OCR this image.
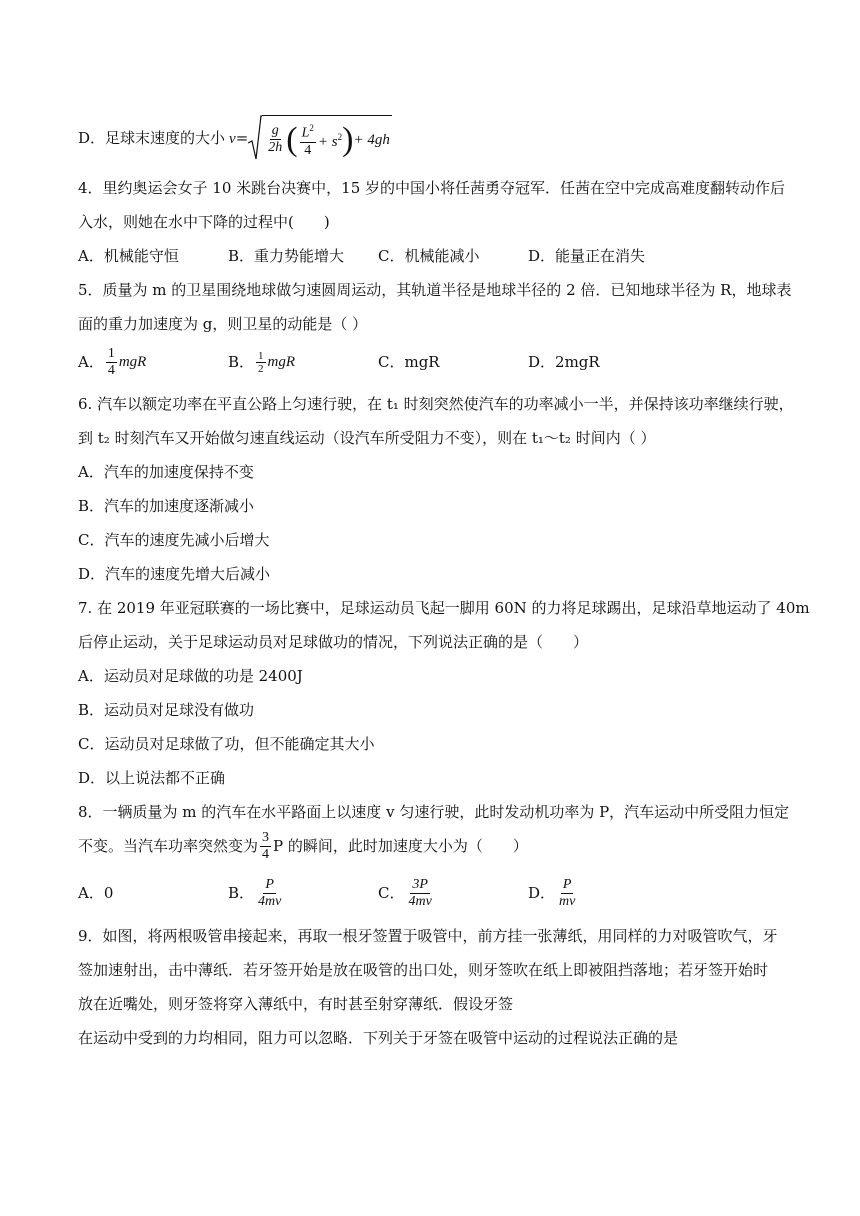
D．足球末速度的大小 $v= \frac{g}{2h}$ ( $\frac{L^2}{4} + s^2$ ) + 4gh
4．里约奥运会女子 10 米跳台决赛中，15 岁的中国小将任茜勇夺冠军．任茜在空中完成高难度翻转动作后
入水，则她在水中下降的过程中(　　)
A．机械能守恒	B．重力势能增大 C．机械能减小	D．能量正在消失
5．质量为 m 的卫星围绕地球做匀速圆周运动，其轨道半径是地球半径的 2 倍．已知地球半径为 R，地球表
面的重力加速度为 g，则卫星的动能是（ ）
A． $\frac{1}{4}$ mgR	B． $\frac{1}{2}$ mgR	C．mgR	D．2mgR
6. 汽车以额定功率在平直公路上匀速行驶，在 t₁ 时刻突然使汽车的功率减小一半，并保持该功率继续行驶，
到 t₂ 时刻汽车又开始做匀速直线运动（设汽车所受阻力不变），则在 t₁～t₂ 时间内（ ）
A．汽车的加速度保持不变
B．汽车的加速度逐渐减小
C．汽车的速度先减小后增大
D．汽车的速度先增大后减小
7. 在 2019 年亚冠联赛的一场比赛中，足球运动员飞起一脚用 60N 的力将足球踢出，足球沿草地运动了 40m
后停止运动，关于足球运动员对足球做功的情况，下列说法正确的是（　　）
A．运动员对足球做的功是 2400J
B．运动员对足球没有做功
C．运动员对足球做了功，但不能确定其大小
D．以上说法都不正确
8．一辆质量为 m 的汽车在水平路面上以速度 v 匀速行驶，此时发动机功率为 P，汽车运动中所受阻力恒定
不变。当汽车功率突然变为 $\frac{3}{4}$ P 的瞬间，此时加速度大小为（　　）
A．0	B． $\frac{P}{4mv}$	C． $\frac{3P}{4mv}$	D． $\frac{P}{mv}$
9．如图，将两根吸管串接起来，再取一根牙签置于吸管中，前方挂一张薄纸，用同样的力对吸管吹气，牙
签加速射出，击中薄纸．若牙签开始是放在吸管的出口处，则牙签吹在纸上即被阻挡落地；若牙签开始时
放在近嘴处，则牙签将穿入薄纸中，有时甚至射穿薄纸．假设牙签
在运动中受到的力均相同，阻力可以忽略．下列关于牙签在吸管中运动的过程说法正确的是
